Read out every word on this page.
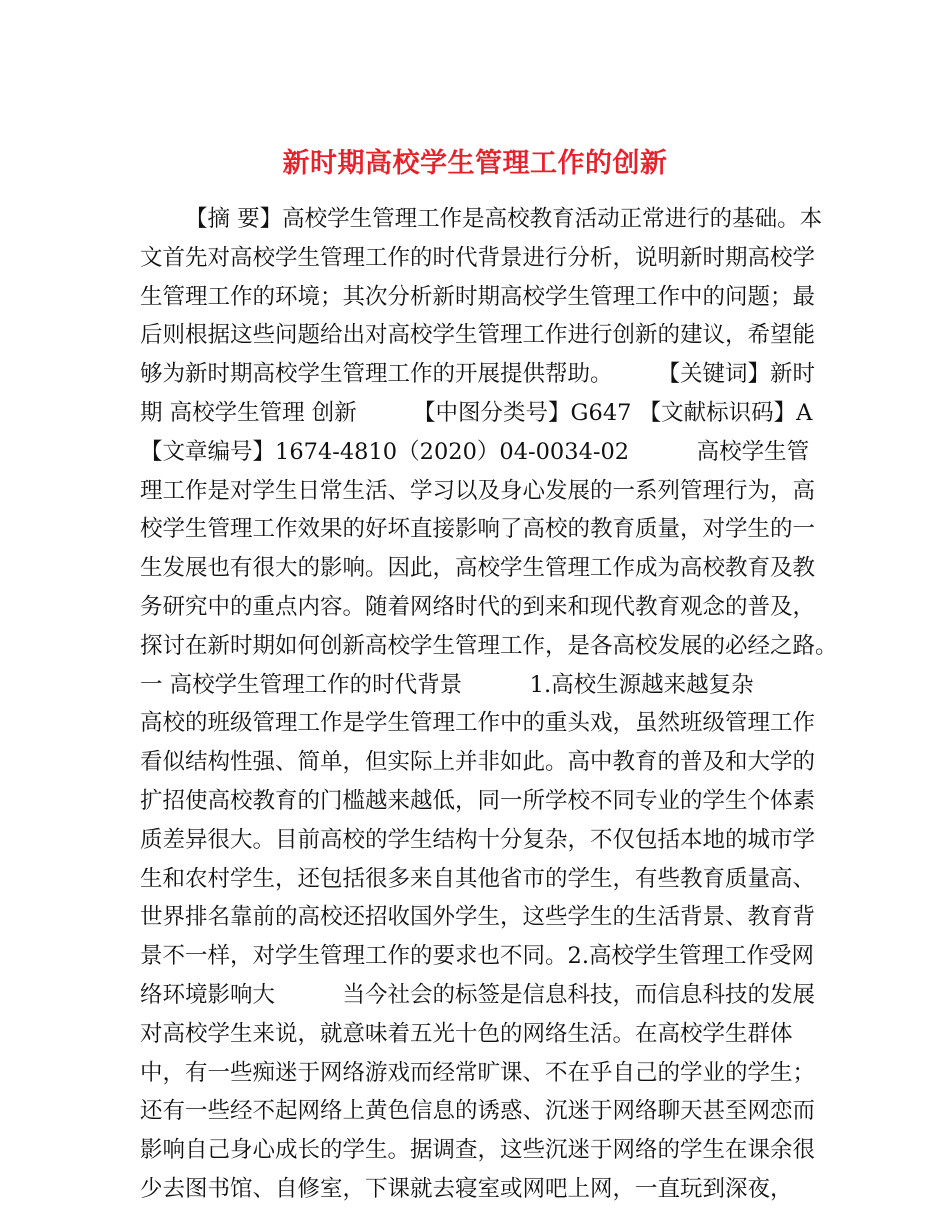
新时期高校学生管理工作的创新

【摘 要】高校学生管理工作是高校教育活动正常进行的基础。本文首先对高校学生管理工作的时代背景进行分析，说明新时期高校学生管理工作的环境；其次分析新时期高校学生管理工作中的问题；最后则根据这些问题给出对高校学生管理工作进行创新的建议，希望能够为新时期高校学生管理工作的开展提供帮助。　　　【关键词】新时期 高校学生管理 创新　　　【中图分类号】G647 【文献标识码】A 【文章编号】1674-4810（2020）04-0034-02　　　高校学生管理工作是对学生日常生活、学习以及身心发展的一系列管理行为，高校学生管理工作效果的好坏直接影响了高校的教育质量，对学生的一生发展也有很大的影响。因此，高校学生管理工作成为高校教育及教务研究中的重点内容。随着网络时代的到来和现代教育观念的普及，探讨在新时期如何创新高校学生管理工作，是各高校发展的必经之路。　　　一 高校学生管理工作的时代背景　　　1.高校生源越来越复杂　　　高校的班级管理工作是学生管理工作中的重头戏，虽然班级管理工作看似结构性强、简单，但实际上并非如此。高中教育的普及和大学的扩招使高校教育的门槛越来越低，同一所学校不同专业的学生个体素质差异很大。目前高校的学生结构十分复杂，不仅包括本地的城市学生和农村学生，还包括很多来自其他省市的学生，有些教育质量高、世界排名靠前的高校还招收国外学生，这些学生的生活背景、教育背景不一样，对学生管理工作的要求也不同。2.高校学生管理工作受网络环境影响大　　　当今社会的标签是信息科技，而信息科技的发展对高校学生来说，就意味着五光十色的网络生活。在高校学生群体中，有一些痴迷于网络游戏而经常旷课、不在乎自己的学业的学生；还有一些经不起网络上黄色信息的诱惑、沉迷于网络聊天甚至网恋而影响自己身心成长的学生。据调查，这些沉迷于网络的学生在课余很少去图书馆、自修室，下课就去寝室或网吧上网，一直玩到深夜，
